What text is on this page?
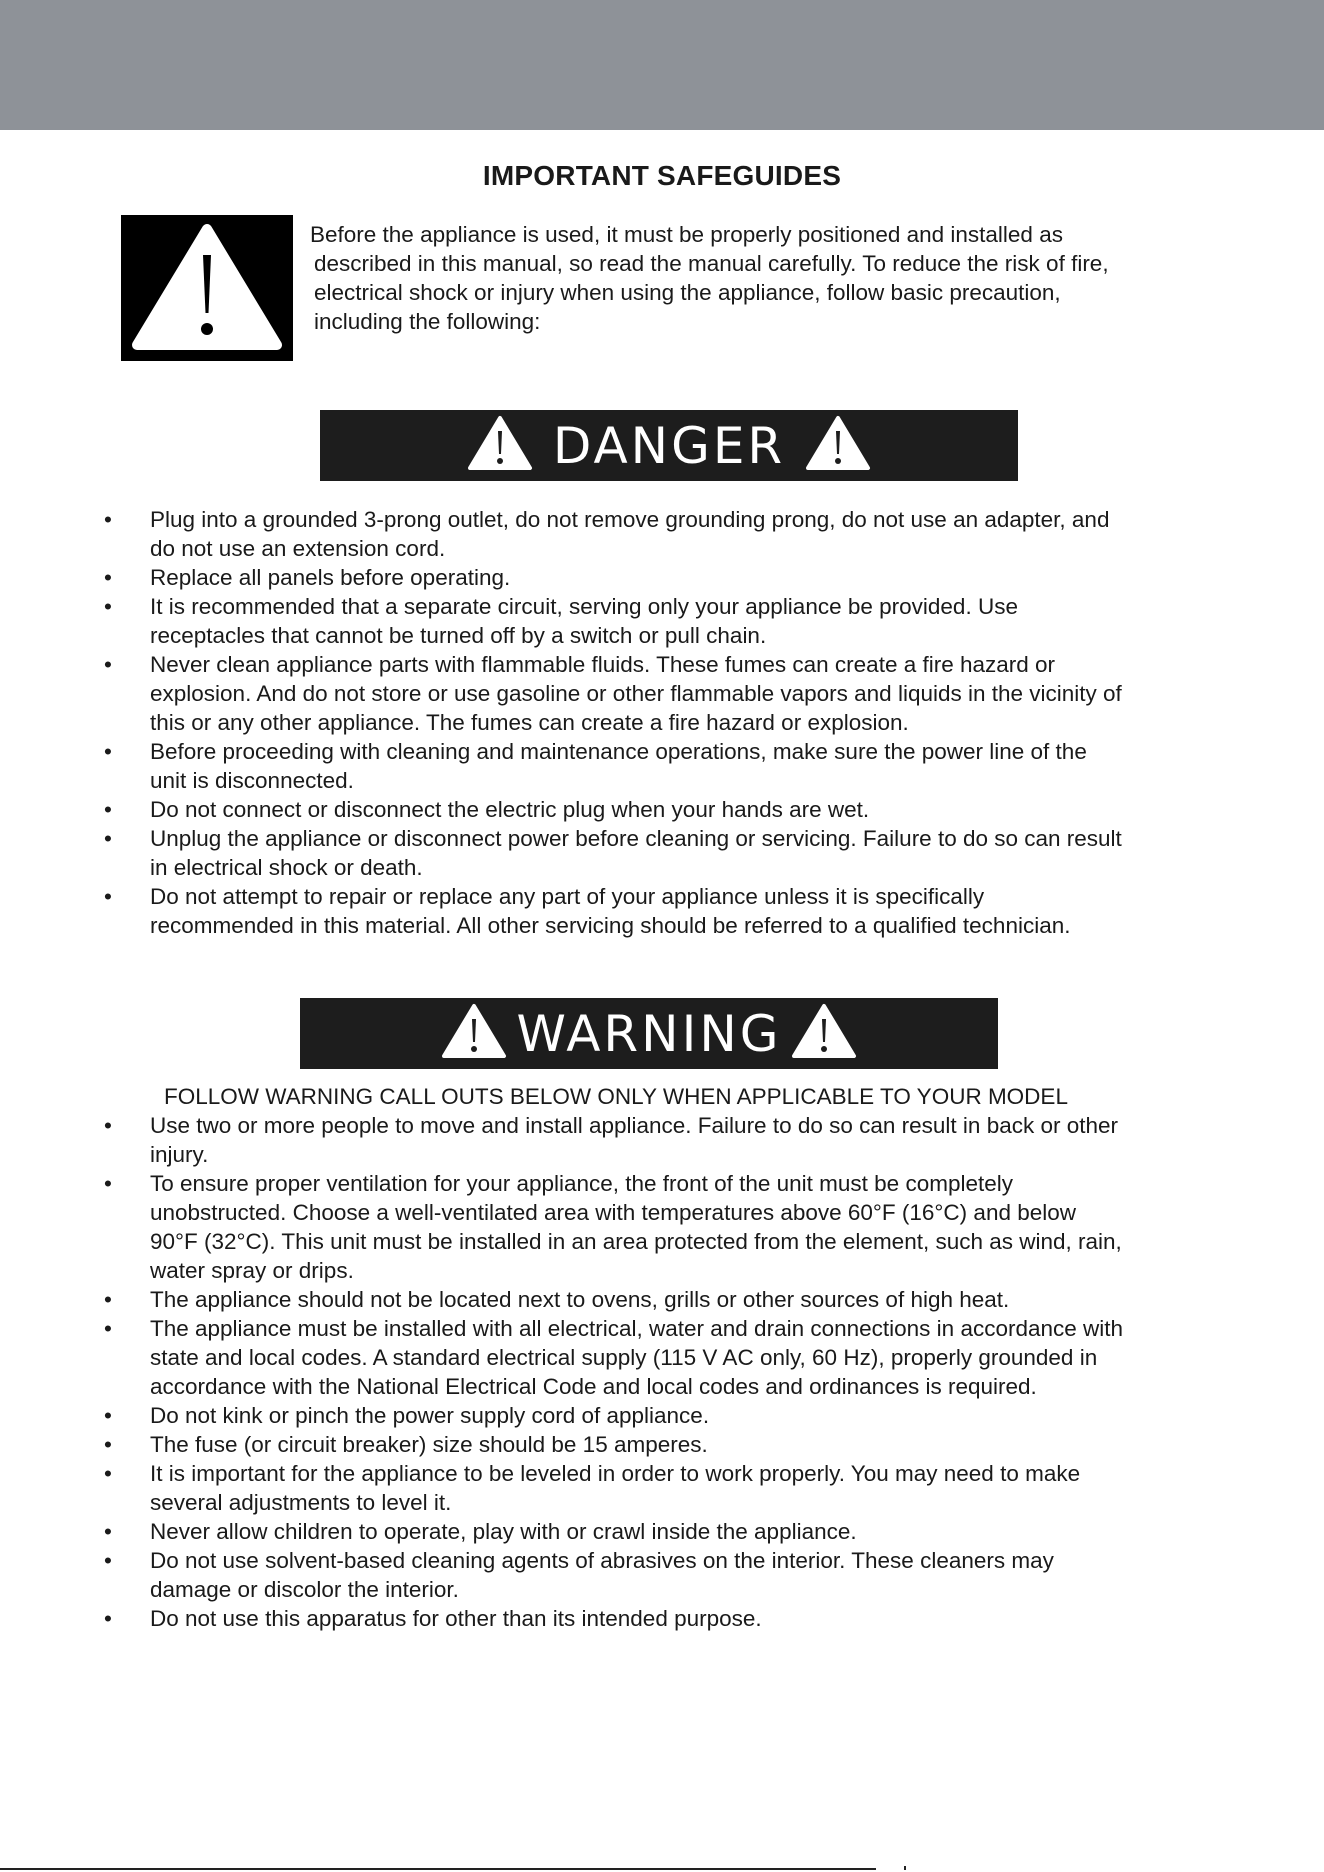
IMPORTANT SAFEGUIDES
Before the appliance is used, it must be properly positioned and installed as
described in this manual, so read the manual carefully. To reduce the risk of fire,
electrical shock or injury when using the appliance, follow basic precaution,
including the following:
DANGER
• Plug into a grounded 3-prong outlet, do not remove grounding prong, do not use an adapter, and
do not use an extension cord.
• Replace all panels before operating.
• It is recommended that a separate circuit, serving only your appliance be provided. Use
receptacles that cannot be turned off by a switch or pull chain.
• Never clean appliance parts with flammable fluids. These fumes can create a fire hazard or
explosion. And do not store or use gasoline or other flammable vapors and liquids in the vicinity of
this or any other appliance. The fumes can create a fire hazard or explosion.
• Before proceeding with cleaning and maintenance operations, make sure the power line of the
unit is disconnected.
• Do not connect or disconnect the electric plug when your hands are wet.
• Unplug the appliance or disconnect power before cleaning or servicing. Failure to do so can result
in electrical shock or death.
• Do not attempt to repair or replace any part of your appliance unless it is specifically
recommended in this material. All other servicing should be referred to a qualified technician.
WARNING
FOLLOW WARNING CALL OUTS BELOW ONLY WHEN APPLICABLE TO YOUR MODEL
• Use two or more people to move and install appliance. Failure to do so can result in back or other
injury.
• To ensure proper ventilation for your appliance, the front of the unit must be completely
unobstructed. Choose a well-ventilated area with temperatures above 60°F (16°C) and below
90°F (32°C). This unit must be installed in an area protected from the element, such as wind, rain,
water spray or drips.
• The appliance should not be located next to ovens, grills or other sources of high heat.
• The appliance must be installed with all electrical, water and drain connections in accordance with
state and local codes. A standard electrical supply (115 V AC only, 60 Hz), properly grounded in
accordance with the National Electrical Code and local codes and ordinances is required.
• Do not kink or pinch the power supply cord of appliance.
• The fuse (or circuit breaker) size should be 15 amperes.
• It is important for the appliance to be leveled in order to work properly. You may need to make
several adjustments to level it.
• Never allow children to operate, play with or crawl inside the appliance.
• Do not use solvent-based cleaning agents of abrasives on the interior. These cleaners may
damage or discolor the interior.
• Do not use this apparatus for other than its intended purpose.
